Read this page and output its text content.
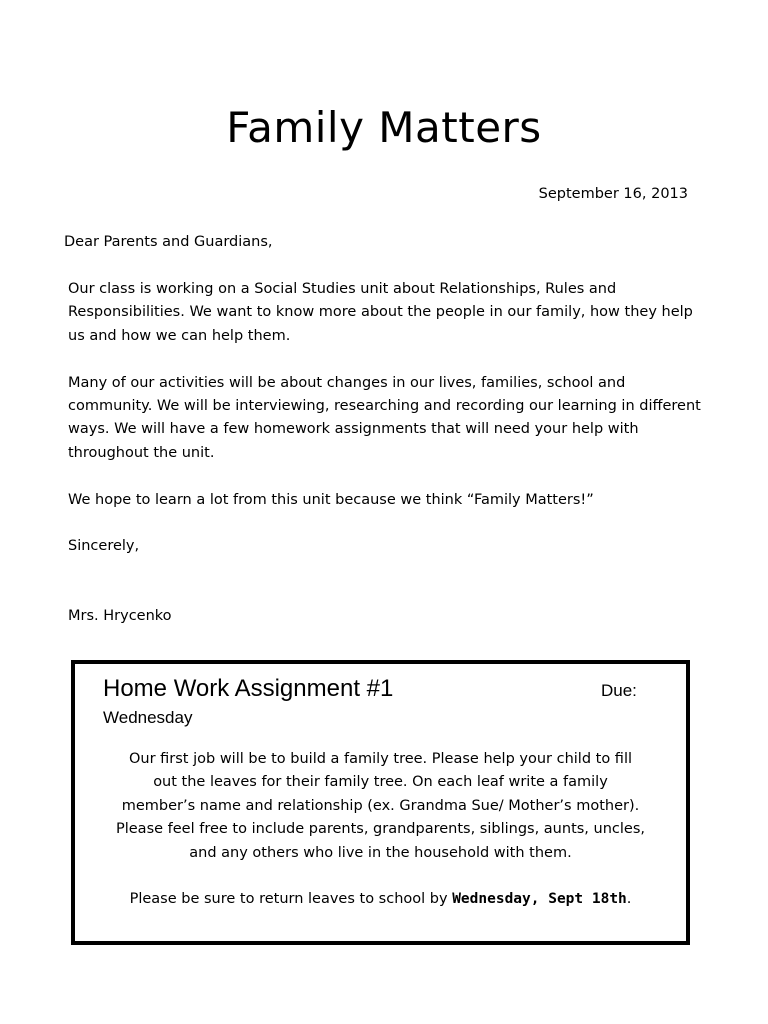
Family Matters
September 16, 2013
Dear Parents and Guardians,

Our class is working on a Social Studies unit about Relationships, Rules and Responsibilities. We want to know more about the people in our family, how they help us and how we can help them.

Many of our activities will be about changes in our lives, families, school and community. We will be interviewing, researching and recording our learning in different ways. We will have a few homework assignments that will need your help with throughout the unit.

We hope to learn a lot from this unit because we think “Family Matters!”

Sincerely,
Mrs. Hrycenko
Home Work Assignment #1	Due:
Wednesday

Our first job will be to build a family tree. Please help your child to fill

out the leaves for their family tree. On each leaf write a family

member’s name and relationship (ex. Grandma Sue/ Mother’s mother).

Please feel free to include parents, grandparents, siblings, aunts, uncles,

and any others who live in the household with them.

Please be sure to return leaves to school by Wednesday, Sept 18th.
